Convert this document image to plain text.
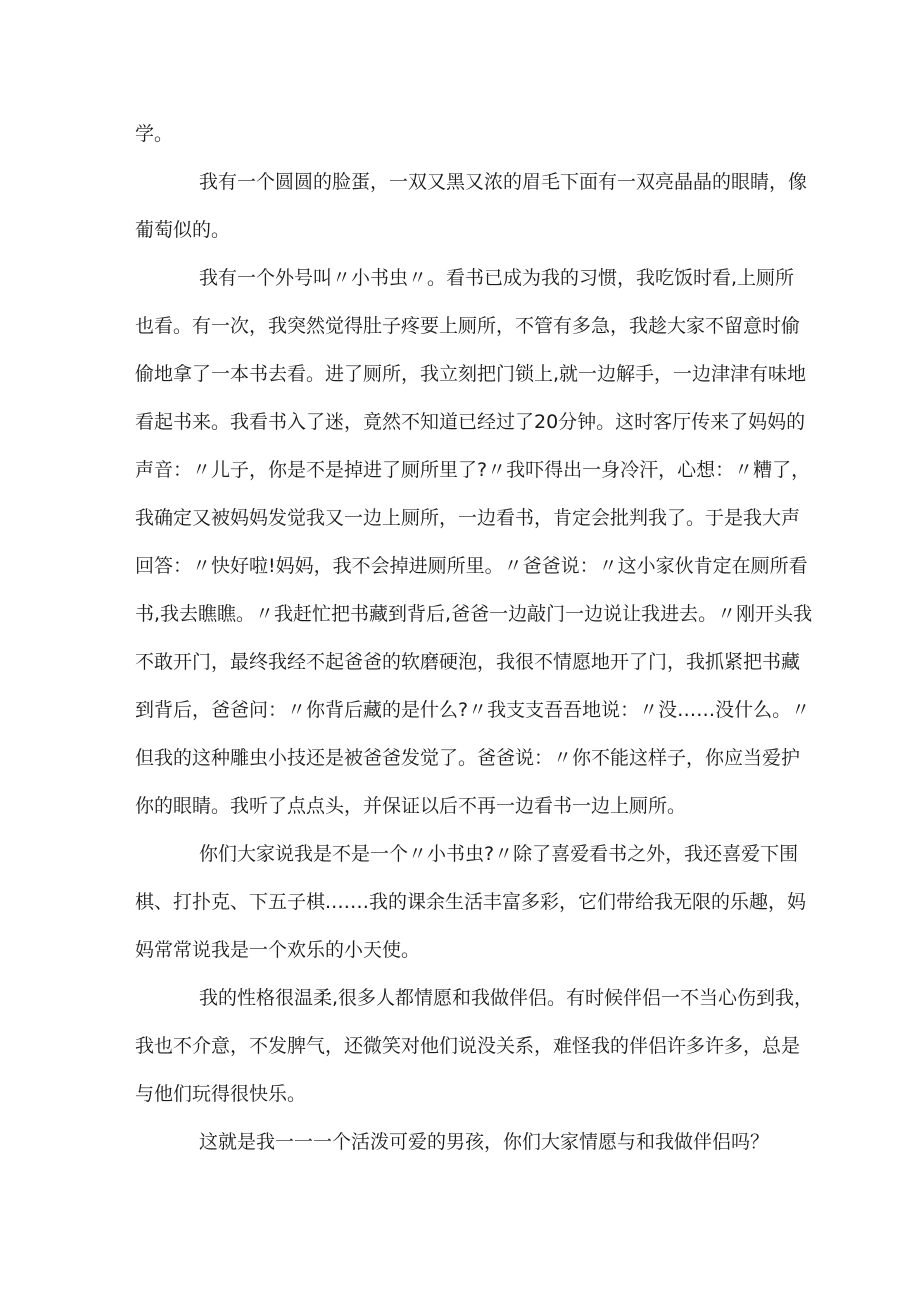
学。
我有一个圆圆的脸蛋，一双又黑又浓的眉毛下面有一双亮晶晶的眼睛，像
葡萄似的。
我有一个外号叫〃小书虫〃。看书已成为我的习惯，我吃饭时看,上厕所
也看。有一次，我突然觉得肚子疼要上厕所，不管有多急，我趁大家不留意时偷
偷地拿了一本书去看。进了厕所，我立刻把门锁上,就一边解手，一边津津有味地
看起书来。我看书入了迷，竟然不知道已经过了20分钟。这时客厅传来了妈妈的
声音：〃儿子，你是不是掉进了厕所里了?〃我吓得出一身冷汗，心想：〃糟了，
我确定又被妈妈发觉我又一边上厕所，一边看书，肯定会批判我了。于是我大声
回答：〃快好啦!妈妈，我不会掉进厕所里。〃爸爸说：〃这小家伙肯定在厕所看
书,我去瞧瞧。〃我赶忙把书藏到背后,爸爸一边敲门一边说让我进去。〃刚开头我
不敢开门，最终我经不起爸爸的软磨硬泡，我很不情愿地开了门，我抓紧把书藏
到背后，爸爸问：〃你背后藏的是什么?〃我支支吾吾地说：〃没……没什么。〃
但我的这种雕虫小技还是被爸爸发觉了。爸爸说：〃你不能这样子，你应当爱护
你的眼睛。我听了点点头，并保证以后不再一边看书一边上厕所。
你们大家说我是不是一个〃小书虫?〃除了喜爱看书之外，我还喜爱下围
棋、打扑克、下五子棋.……我的课余生活丰富多彩，它们带给我无限的乐趣，妈
妈常常说我是一个欢乐的小天使。
我的性格很温柔,很多人都情愿和我做伴侣。有时候伴侣一不当心伤到我，
我也不介意，不发脾气，还微笑对他们说没关系，难怪我的伴侣许多许多，总是
与他们玩得很快乐。
这就是我一一一个活泼可爱的男孩，你们大家情愿与和我做伴侣吗？
